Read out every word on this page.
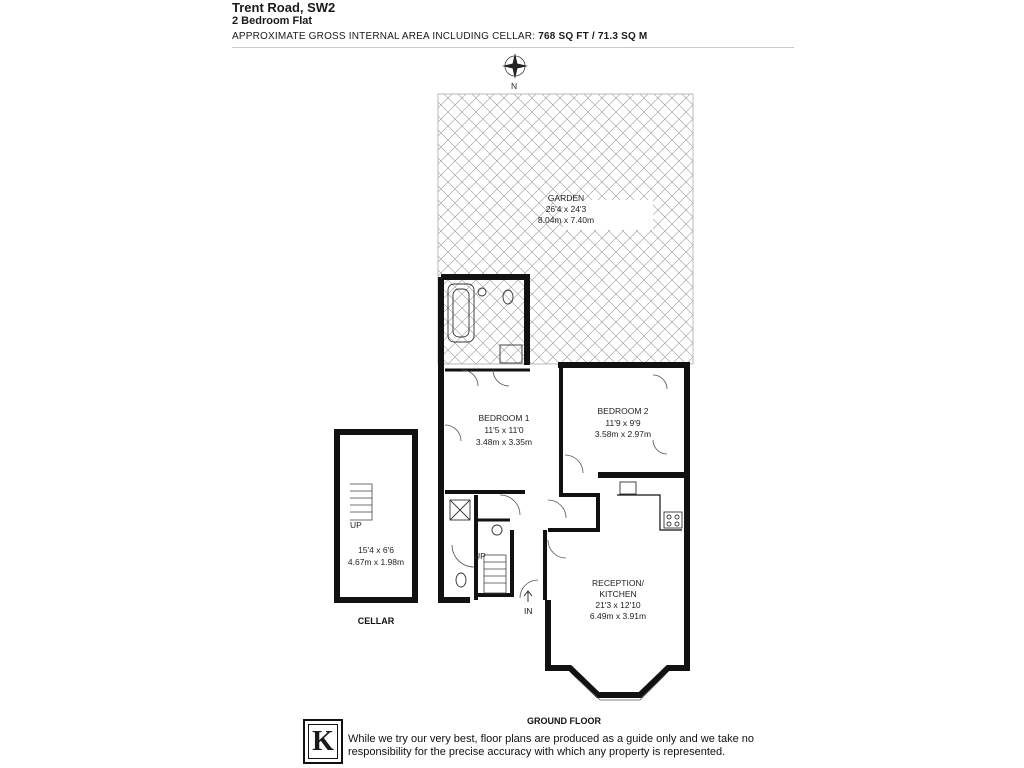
Trent Road, SW2
2 Bedroom Flat
APPROXIMATE GROSS INTERNAL AREA INCLUDING CELLAR: 768 SQ FT / 71.3 SQ M
N
GARDEN
26'4 x 24'3
8.04m x 7.40m
UP
BEDROOM 1
11'5 x 11'0
3.48m x 3.35m
BEDROOM 2
11'9 x 9'9
3.58m x 2.97m
RECEPTION/
KITCHEN
21'3 x 12'10
6.49m x 3.91m
IN
UP
15'4 x 6'6
4.67m x 1.98m
CELLAR
GROUND FLOOR
K	While we try our very best, floor plans are produced as a guide only and we take no
responsibility for the precise accuracy with which any property is represented.
